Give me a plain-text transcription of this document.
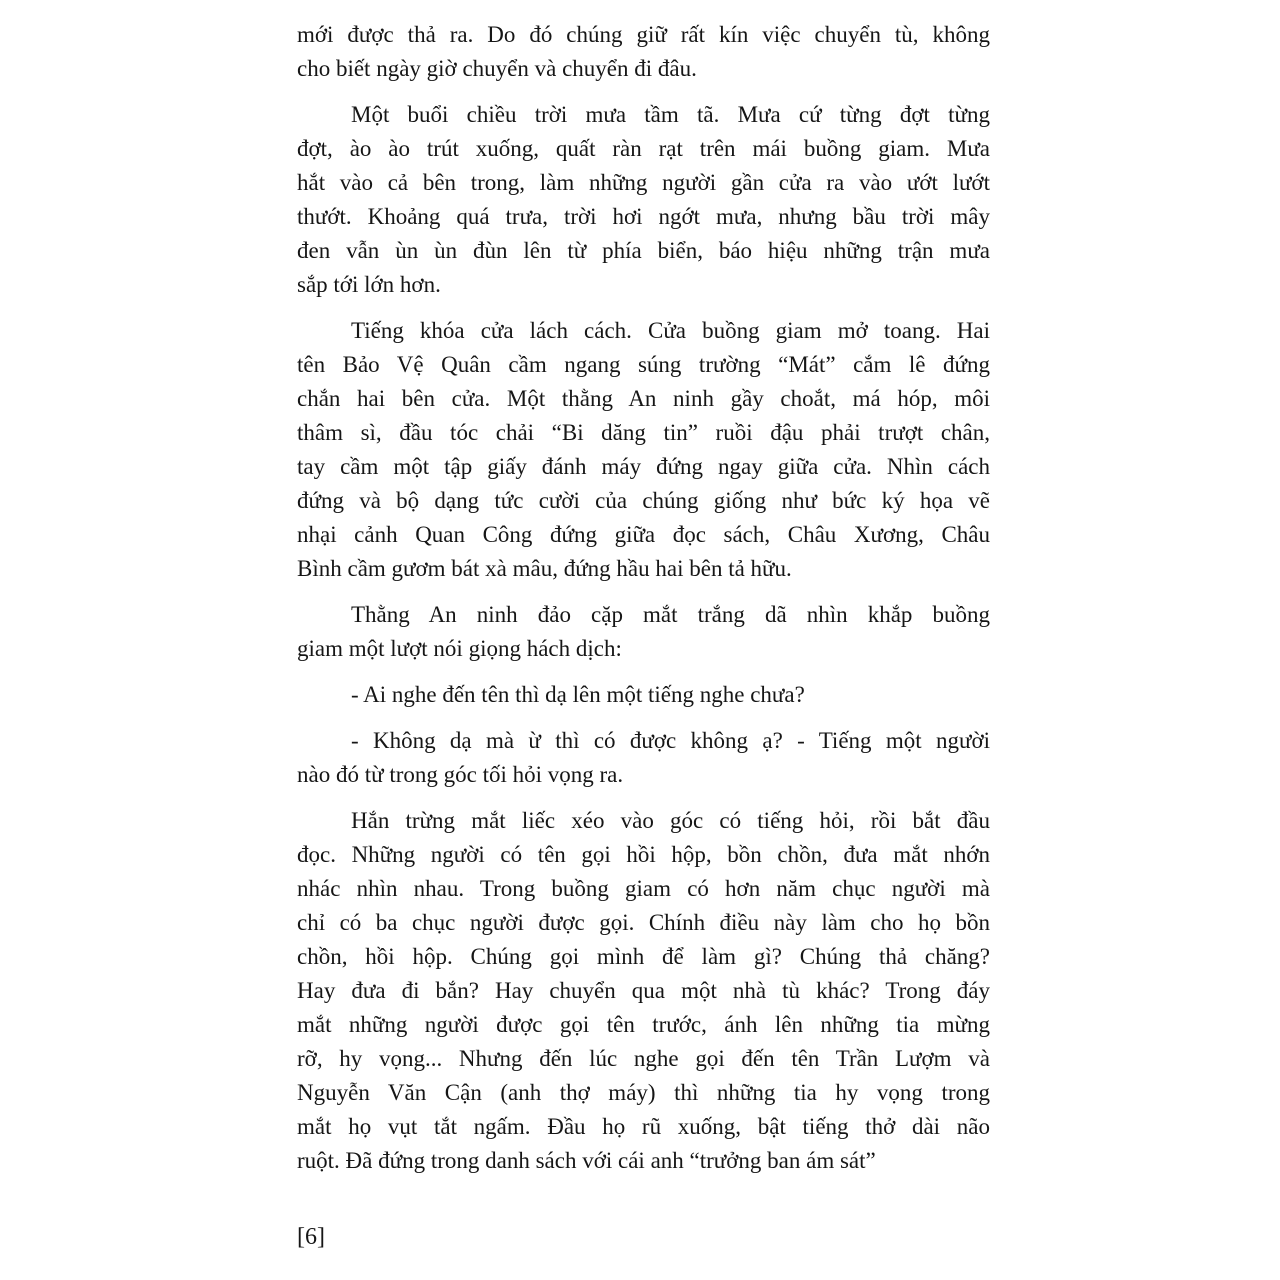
mới được thả ra. Do đó chúng giữ rất kín việc chuyển tù, không
cho biết ngày giờ chuyển và chuyển đi đâu.
Một buổi chiều trời mưa tầm tã. Mưa cứ từng đợt từng
đợt, ào ào trút xuống, quất ràn rạt trên mái buồng giam. Mưa
hắt vào cả bên trong, làm những người gần cửa ra vào ướt lướt
thướt. Khoảng quá trưa, trời hơi ngớt mưa, nhưng bầu trời mây
đen vẫn ùn ùn đùn lên từ phía biển, báo hiệu những trận mưa
sắp tới lớn hơn.
Tiếng khóa cửa lách cách. Cửa buồng giam mở toang. Hai
tên Bảo Vệ Quân cầm ngang súng trường “Mát” cắm lê đứng
chắn hai bên cửa. Một thằng An ninh gầy choắt, má hóp, môi
thâm sì, đầu tóc chải “Bi dăng tin” ruồi đậu phải trượt chân,
tay cầm một tập giấy đánh máy đứng ngay giữa cửa. Nhìn cách
đứng và bộ dạng tức cười của chúng giống như bức ký họa vẽ
nhại cảnh Quan Công đứng giữa đọc sách, Châu Xương, Châu
Bình cầm gươm bát xà mâu, đứng hầu hai bên tả hữu.
Thằng An ninh đảo cặp mắt trắng dã nhìn khắp buồng
giam một lượt nói giọng hách dịch:
- Ai nghe đến tên thì dạ lên một tiếng nghe chưa?
- Không dạ mà ừ thì có được không ạ? - Tiếng một người
nào đó từ trong góc tối hỏi vọng ra.
Hắn trừng mắt liếc xéo vào góc có tiếng hỏi, rồi bắt đầu
đọc. Những người có tên gọi hồi hộp, bồn chồn, đưa mắt nhớn
nhác nhìn nhau. Trong buồng giam có hơn năm chục người mà
chỉ có ba chục người được gọi. Chính điều này làm cho họ bồn
chồn, hồi hộp. Chúng gọi mình để làm gì? Chúng thả chăng?
Hay đưa đi bắn? Hay chuyển qua một nhà tù khác? Trong đáy
mắt những người được gọi tên trước, ánh lên những tia mừng
rỡ, hy vọng... Nhưng đến lúc nghe gọi đến tên Trần Lượm và
Nguyễn Văn Cận (anh thợ máy) thì những tia hy vọng trong
mắt họ vụt tắt ngấm. Đầu họ rũ xuống, bật tiếng thở dài não
ruột. Đã đứng trong danh sách với cái anh “trưởng ban ám sát”
[6]
